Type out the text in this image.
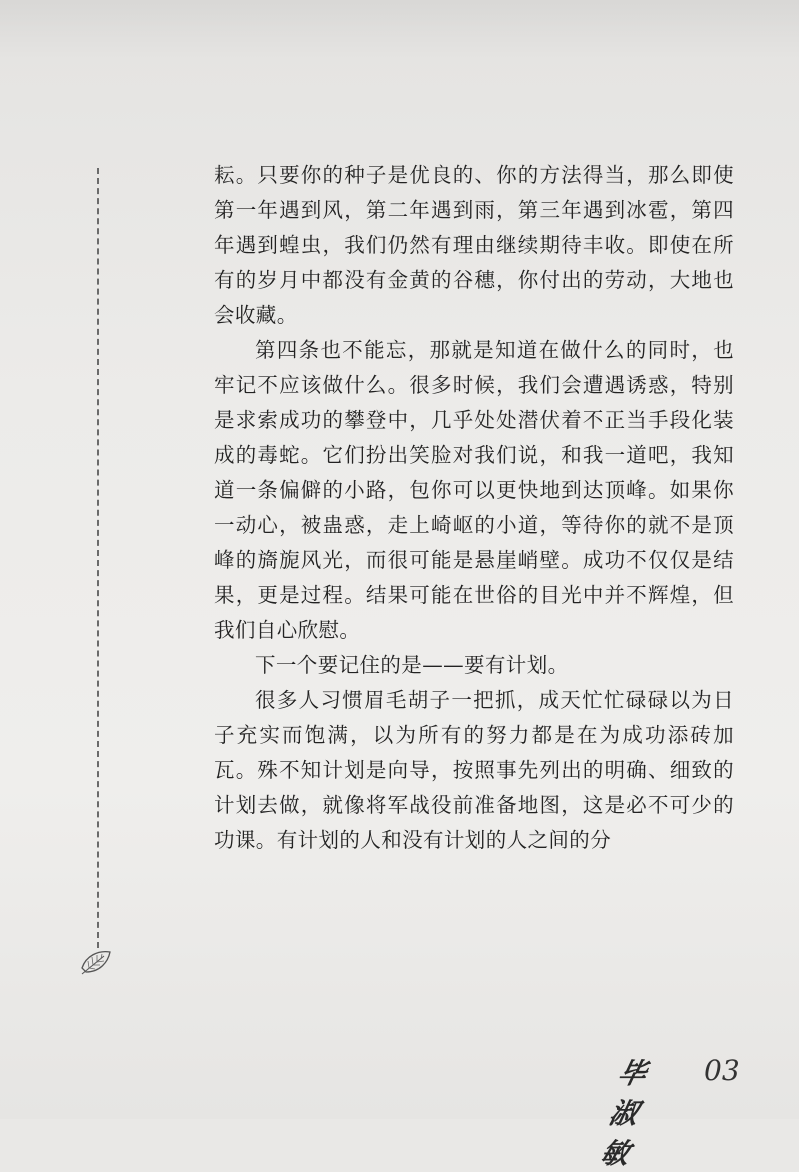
耘。只要你的种子是优良的、你的方法得当，那么即使第一年遇到风，第二年遇到雨，第三年遇到冰雹，第四年遇到蝗虫，我们仍然有理由继续期待丰收。即使在所有的岁月中都没有金黄的谷穗，你付出的劳动，大地也会收藏。

第四条也不能忘，那就是知道在做什么的同时，也牢记不应该做什么。很多时候，我们会遭遇诱惑，特别是求索成功的攀登中，几乎处处潜伏着不正当手段化装成的毒蛇。它们扮出笑脸对我们说，和我一道吧，我知道一条偏僻的小路，包你可以更快地到达顶峰。如果你一动心，被蛊惑，走上崎岖的小道，等待你的就不是顶峰的旖旎风光，而很可能是悬崖峭壁。成功不仅仅是结果，更是过程。结果可能在世俗的目光中并不辉煌，但我们自心欣慰。

下一个要记住的是——要有计划。

很多人习惯眉毛胡子一把抓，成天忙忙碌碌以为日子充实而饱满，以为所有的努力都是在为成功添砖加瓦。殊不知计划是向导，按照事先列出的明确、细致的计划去做，就像将军战役前准备地图，这是必不可少的功课。有计划的人和没有计划的人之间的分

毕淑敏
03
